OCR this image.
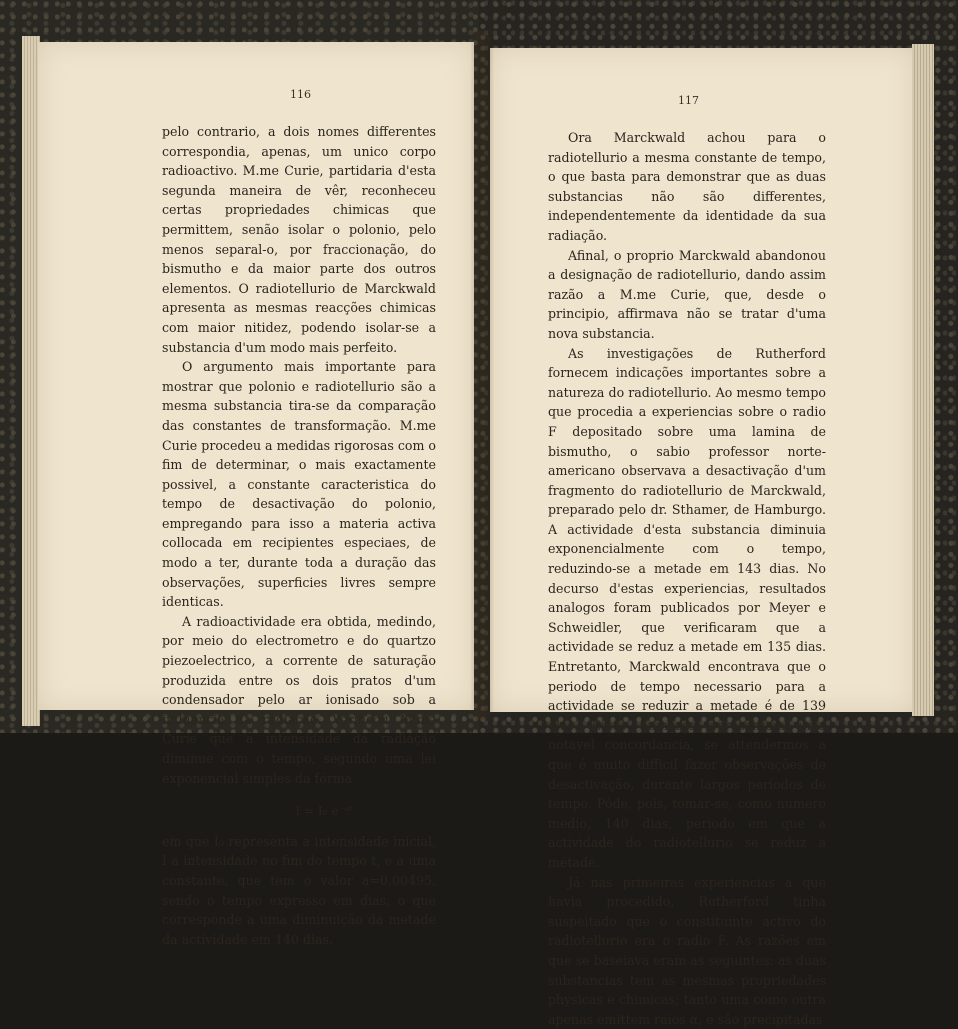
116

pelo contrario, a dois nomes differentes correspondia, apenas, um unico corpo radioactivo. M.me Curie, partidaria d'esta segunda maneira de vêr, reconheceu certas propriedades chimicas que permittem, senão isolar o polonio, pelo menos separal-o, por fraccionação, do bismutho e da maior parte dos outros elementos. O radiotellurio de Marckwald apresenta as mesmas reacções chimicas com maior nitidez, podendo isolar-se a substancia d'um modo mais perfeito.

O argumento mais importante para mostrar que polonio e radiotellurio são a mesma substancia tira-se da comparação das constantes de transformação. M.me Curie procedeu a medidas rigorosas com o fim de determinar, o mais exactamente possivel, a constante caracteristica do tempo de desactivação do polonio, empregando para isso a materia activa collocada em recipientes especiaes, de modo a ter, durante toda a duração das observações, superficies livres sempre identicas.

A radioactividade era obtida, medindo, por meio do electrometro e do quartzo piezoelectrico, a corrente de saturação produzida entre os dois pratos d'um condensador pelo ar ionisado sob a influencia da radiação. Verificou M.me Curie que a intensidade da radiação diminue com o tempo, segundo uma lei exponencial simples da fórma

I = I₀ e⁻ᵅᵗ

em que I₀ representa a intensidade inicial, I a intensidade no fim do tempo t, e a uma constante, que tem o valor a=0,00495, sendo o tempo expresso em dias, o que corresponde a uma diminuição da metade da actividade em 140 dias.

117

Ora Marckwald achou para o radiotellurio a mesma constante de tempo, o que basta para demonstrar que as duas substancias não são differentes, independentemente da identidade da sua radiação.

Afinal, o proprio Marckwald abandonou a designação de radiotellurio, dando assim razão a M.me Curie, que, desde o principio, affirmava não se tratar d'uma nova substancia.

As investigações de Rutherford fornecem indicações importantes sobre a natureza do radiotellurio. Ao mesmo tempo que procedia a experiencias sobre o radio F depositado sobre uma lamina de bismutho, o sabio professor norte-americano observava a desactivação d'um fragmento do radiotellurio de Marckwald, preparado pelo dr. Sthamer, de Hamburgo. A actividade d'esta substancia diminuia exponencialmente com o tempo, reduzindo-se a metade em 143 dias. No decurso d'estas experiencias, resultados analogos foram publicados por Meyer e Schweidler, que verificaram que a actividade se reduz a metade em 135 dias. Entretanto, Marckwald encontrava que o periodo de tempo necessario para a actividade se reduzir a metade é de 139 dias. Estes numeros apresentam uma notavel concordancia, se attendermos a que é muito difficil fazer observações de desactivação, durante largos periodos de tempo. Póde, pois, tomar-se, como numero medio, 140 dias, periodo em que a actividade do radiotellurio se reduz a metade.

Já nas primeiras experiencias a que havia procedido, Rutherford tinha suspeitado que o constituinte activo do radiotellurio era o radio F. As razões em que se baseiava eram as seguintes: as duas substancias tem as mesmas propriedades physicas e chimicas; tanto uma como outra apenas emittem raios α, e são precipitadas
